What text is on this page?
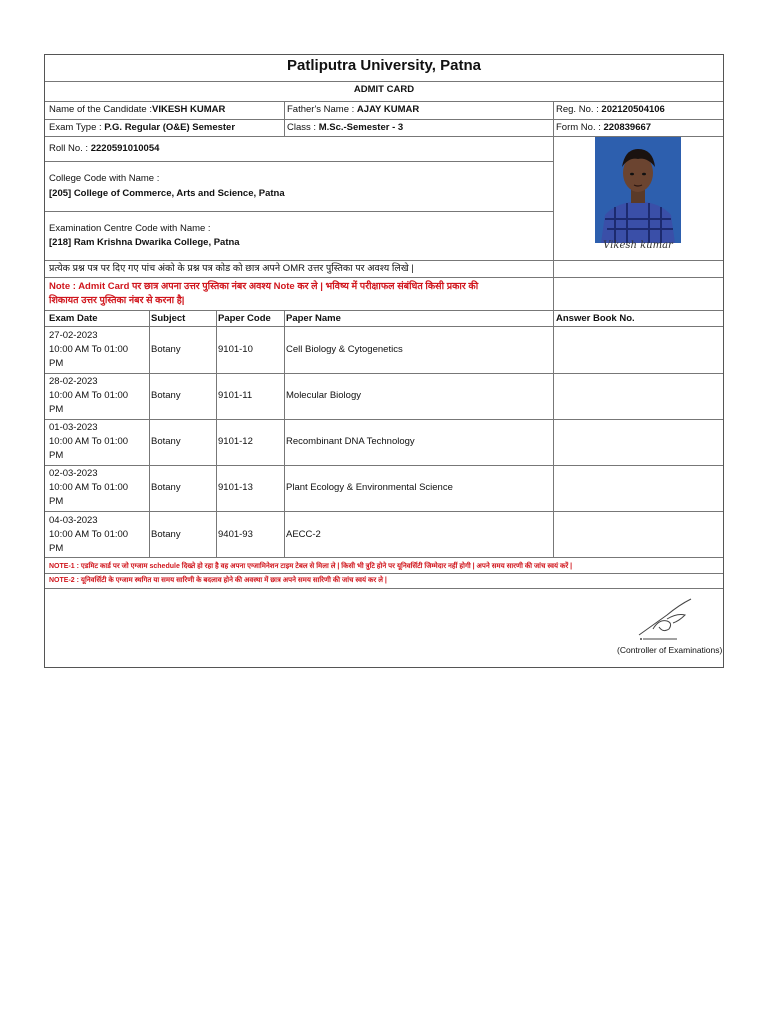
Patliputra University, Patna
ADMIT CARD
Name of the Candidate :VIKESH KUMAR	Father's Name : AJAY KUMAR	Reg. No. : 202120504106
Exam Type : P.G. Regular (O&E) Semester	Class : M.Sc.-Semester - 3	Form No. : 220839667
Roll No. : 2220591010054
College Code with Name :
[205] College of Commerce, Arts and Science, Patna
Examination Centre Code with Name :
[218] Ram Krishna Dwarika College, Patna	Vikesh kumar
प्रत्येक प्रश्न पत्र पर दिए गए पांच अंको के प्रश्न पत्र कोड को छात्र अपने OMR उत्तर पुस्तिका पर अवश्य लिखे |
Note : Admit Card पर छात्र अपना उत्तर पुस्तिका नंबर अवश्य Note कर ले | भविष्य में परीक्षाफल संबंधित किसी प्रकार की
शिकायत उत्तर पुस्तिका नंबर से करना है|
Exam Date	Subject	Paper Code Paper Name	Answer Book No.
27-02-2023
10:00 AM To 01:00
PM
Botany	9101-10	Cell Biology & Cytogenetics
28-02-2023
10:00 AM To 01:00
PM
Botany	9101-11	Molecular Biology
01-03-2023
10:00 AM To 01:00
PM
Botany	9101-12	Recombinant DNA Technology
02-03-2023
10:00 AM To 01:00
PM
Botany	9101-13	Plant Ecology & Environmental Science
04-03-2023
10:00 AM To 01:00
PM
Botany	9401-93	AECC-2
NOTE-1 : एडमिट कार्ड पर जो एग्जाम schedule दिख्ते हो रहा है वह अपना एग्जामिनेशन टाइम टेबल से मिला ले | किसी भी त्रुटि होने पर यूनिवर्सिटी जिम्मेदार नहीं होगी | अपने समय सारणी की जांच स्वयं करें |
NOTE-2 : यूनिवर्सिटी के एग्जाम स्थगित या समय सारिणी के बदलाव होने की अवस्था में छात्र अपने समय सारिणी की जांच स्वयं कर ले |
(Controller of Examinations)
